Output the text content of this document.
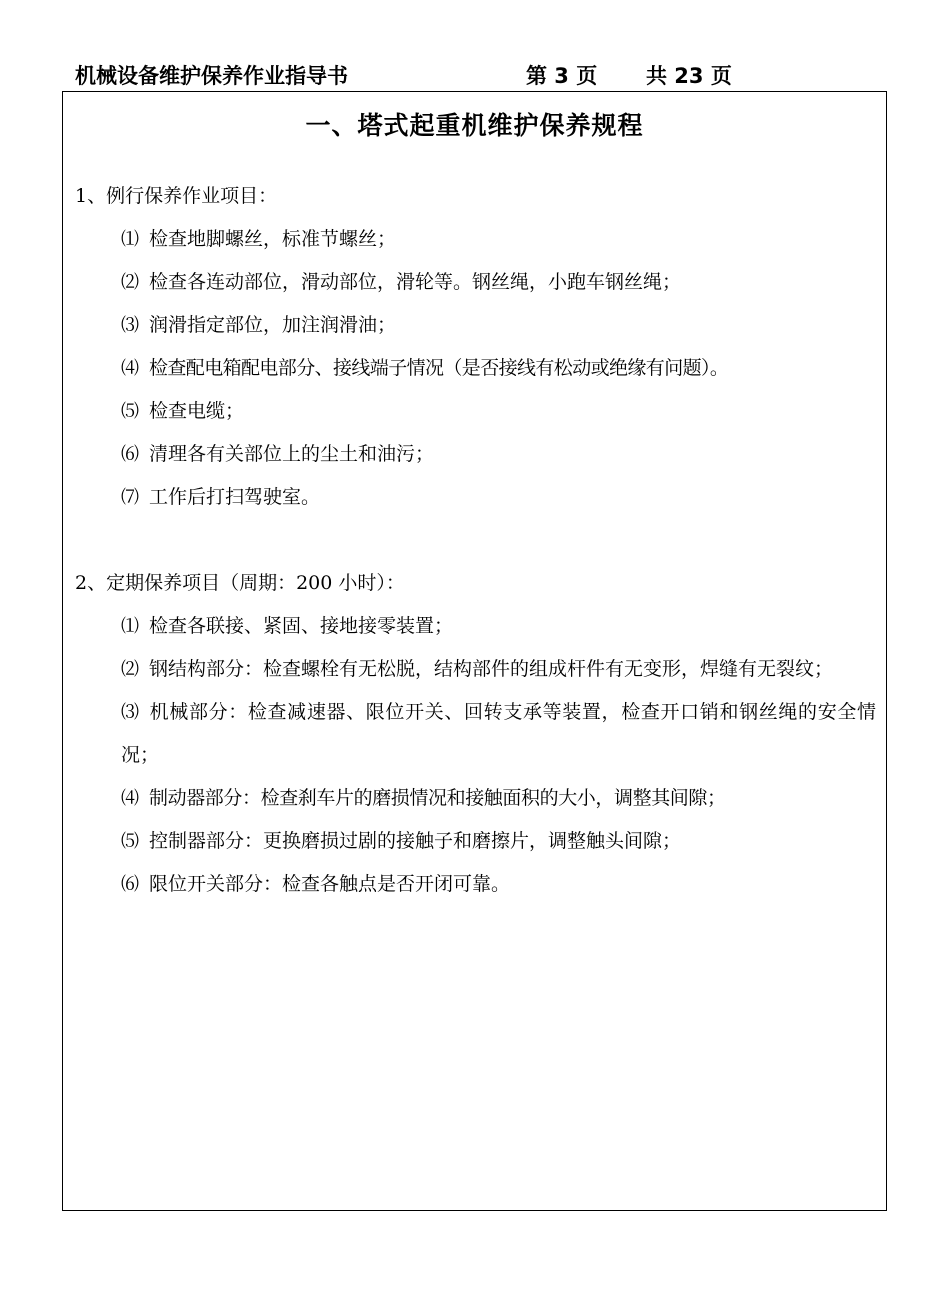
机械设备维护保养作业指导书	第 3 页 共 23 页
一、塔式起重机维护保养规程
1、例行保养作业项目：
⑴ 检查地脚螺丝，标准节螺丝；
⑵ 检查各连动部位，滑动部位，滑轮等。钢丝绳，小跑车钢丝绳；
⑶ 润滑指定部位，加注润滑油；
⑷ 检查配电箱配电部分、接线端子情况（是否接线有松动或绝缘有问题）。
⑸ 检查电缆；
⑹ 清理各有关部位上的尘土和油污；
⑺ 工作后打扫驾驶室。
2、定期保养项目（周期：200 小时）：
⑴ 检查各联接、紧固、接地接零装置；
⑵ 钢结构部分：检查螺栓有无松脱，结构部件的组成杆件有无变形，焊缝有无裂纹；
⑶ 机械部分：检查减速器、限位开关、回转支承等装置，检查开口销和钢丝绳的安全情况；
⑷ 制动器部分：检查刹车片的磨损情况和接触面积的大小，调整其间隙；
⑸ 控制器部分：更换磨损过剧的接触子和磨擦片，调整触头间隙；
⑹ 限位开关部分：检查各触点是否开闭可靠。
